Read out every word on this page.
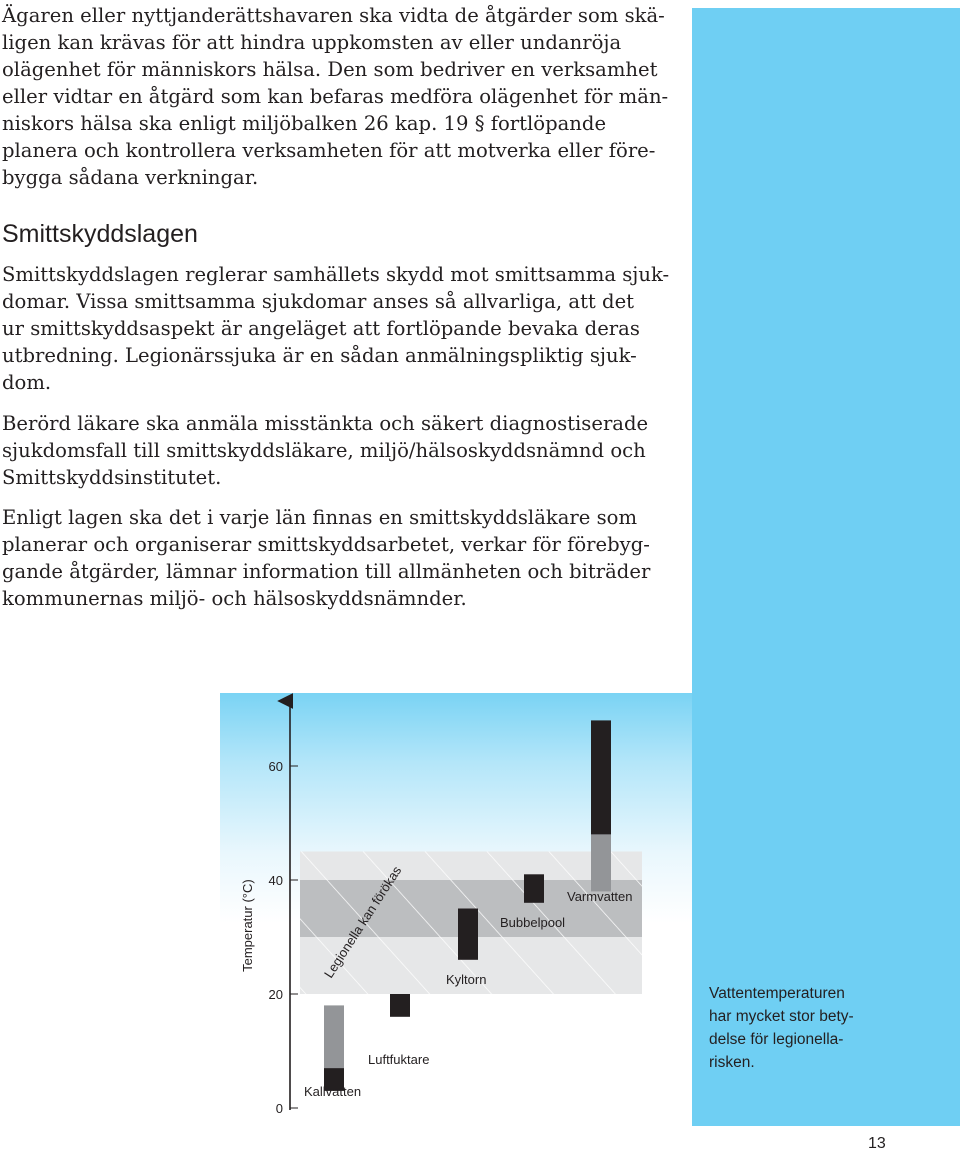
Ägaren eller nyttjanderättshavaren ska vidta de åtgärder som skä-
ligen kan krävas för att hindra uppkomsten av eller undanröja
olägenhet för människors hälsa. Den som bedriver en verksamhet
eller vidtar en åtgärd som kan befaras medföra olägenhet för män-
niskors hälsa ska enligt miljöbalken 26 kap. 19 § fortlöpande
planera och kontrollera verksamheten för att motverka eller före-
bygga sådana verkningar.

Smittskyddslagen

Smittskyddslagen reglerar samhällets skydd mot smittsamma sjuk-
domar. Vissa smittsamma sjukdomar anses så allvarliga, att det
ur smittskyddsaspekt är angeläget att fortlöpande bevaka deras
utbredning. Legionärssjuka är en sådan anmälningspliktig sjuk-
dom.

Berörd läkare ska anmäla misstänkta och säkert diagnostiserade
sjukdomsfall till smittskyddsläkare, miljö/hälsoskyddsnämnd och
Smittskyddsinstitutet.

Enligt lagen ska det i varje län finnas en smittskyddsläkare som
planerar och organiserar smittskyddsarbetet, verkar för förebyg-
gande åtgärder, lämnar information till allmänheten och biträder
kommunernas miljö- och hälsoskyddsnämnder.

0
20
40
60
Temperatur (°C)
Kallvatten
Luftfuktare
Kyltorn
Bubbelpool
Varmvatten
Legionella kan förökas

Vattentemperaturen
har mycket stor bety-
delse för legionella-
risken.

13
